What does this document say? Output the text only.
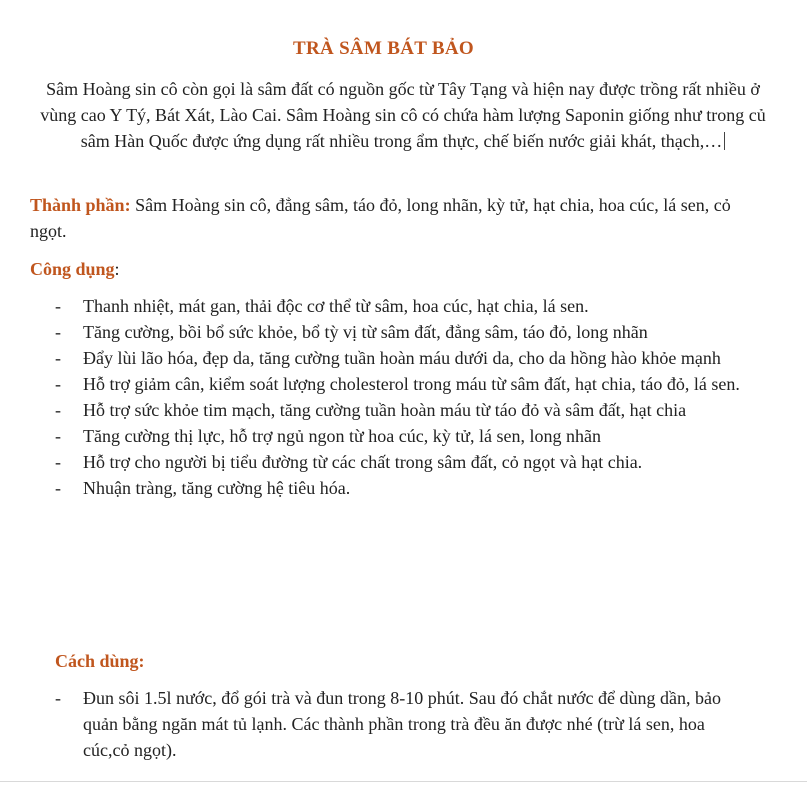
TRÀ SÂM BÁT BẢO
Sâm Hoàng sin cô còn gọi là sâm đất có nguồn gốc từ Tây Tạng và hiện nay được trồng rất nhiều ở vùng cao Y Tý, Bát Xát, Lào Cai. Sâm Hoàng sin cô có chứa hàm lượng Saponin giống như trong củ sâm Hàn Quốc được ứng dụng rất nhiều trong ẩm thực, chế biến nước giải khát, thạch,…
Thành phần: Sâm Hoàng sin cô, đẳng sâm, táo đỏ, long nhãn, kỳ tử, hạt chia, hoa cúc, lá sen, cỏ ngọt.
Công dụng:
- Thanh nhiệt, mát gan, thải độc cơ thể từ sâm, hoa cúc, hạt chia, lá sen.
- Tăng cường, bồi bổ sức khỏe, bổ tỳ vị từ sâm đất, đẳng sâm, táo đỏ, long nhãn
- Đẩy lùi lão hóa, đẹp da, tăng cường tuần hoàn máu dưới da, cho da hồng hào khỏe mạnh
- Hỗ trợ giảm cân, kiểm soát lượng cholesterol trong máu từ sâm đất, hạt chia, táo đỏ, lá sen.
- Hỗ trợ sức khỏe tim mạch, tăng cường tuần hoàn máu từ táo đỏ và sâm đất, hạt chia
- Tăng cường thị lực, hỗ trợ ngủ ngon từ hoa cúc, kỳ tử, lá sen, long nhãn
- Hỗ trợ cho người bị tiểu đường từ các chất trong sâm đất, cỏ ngọt và hạt chia.
- Nhuận tràng, tăng cường hệ tiêu hóa.
Cách dùng:
- Đun sôi 1.5l nước, đổ gói trà và đun trong 8-10 phút. Sau đó chắt nước để dùng dần, bảo quản bằng ngăn mát tủ lạnh. Các thành phần trong trà đều ăn được nhé (trừ lá sen, hoa cúc,cỏ ngọt).
